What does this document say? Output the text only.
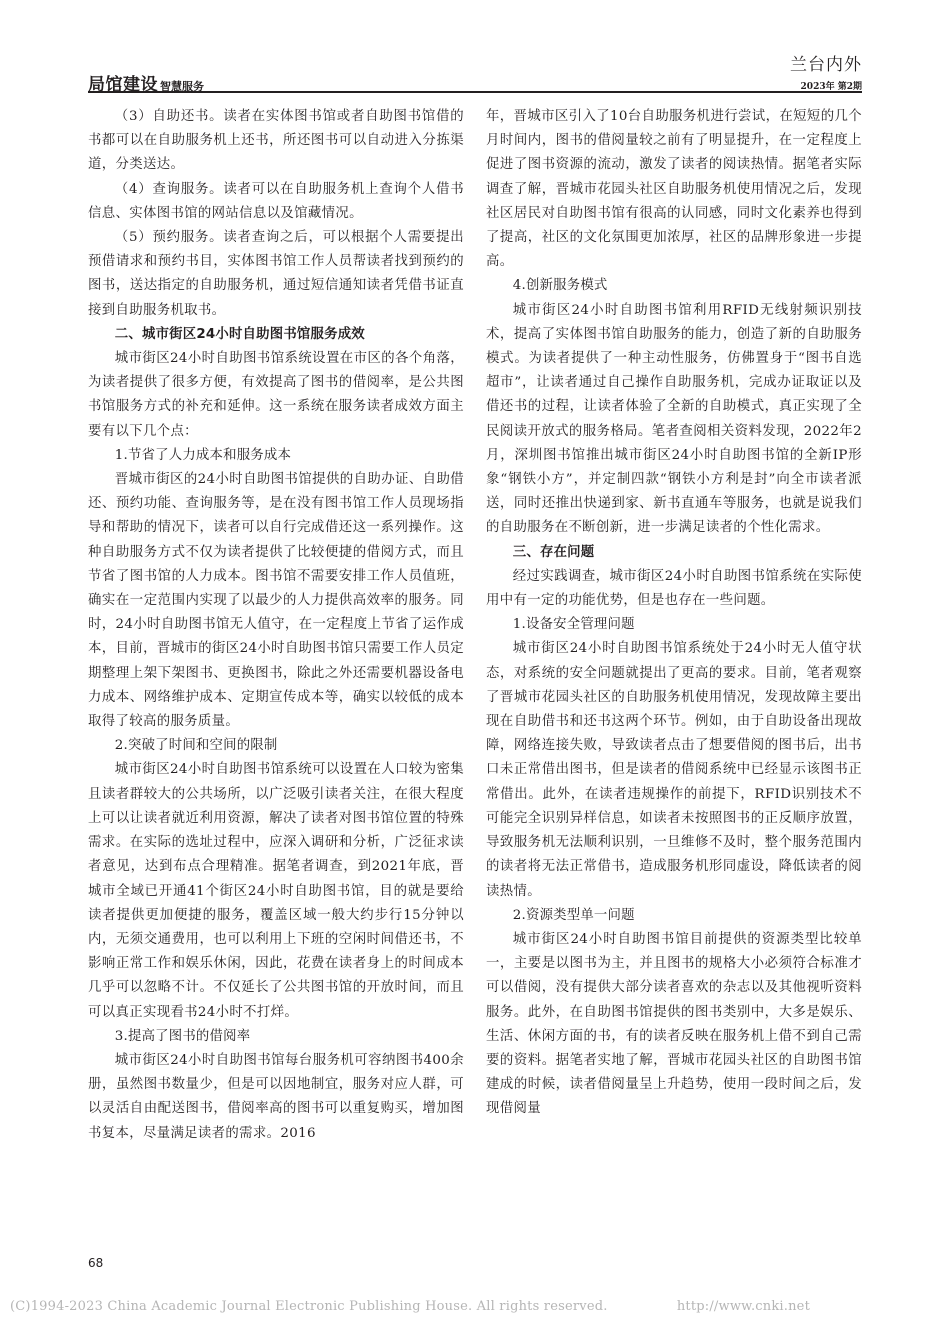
局馆建设 智慧服务
兰台内外
2023年 第2期

（3）自助还书。读者在实体图书馆或者自助图书馆借的书都可以在自助服务机上还书，所还图书可以自动进入分拣渠道，分类送达。

（4）查询服务。读者可以在自助服务机上查询个人借书信息、实体图书馆的网站信息以及馆藏情况。

（5）预约服务。读者查询之后，可以根据个人需要提出预借请求和预约书目，实体图书馆工作人员帮读者找到预约的图书，送达指定的自助服务机，通过短信通知读者凭借书证直接到自助服务机取书。

二、城市街区24小时自助图书馆服务成效

城市街区24小时自助图书馆系统设置在市区的各个角落，为读者提供了很多方便，有效提高了图书的借阅率，是公共图书馆服务方式的补充和延伸。这一系统在服务读者成效方面主要有以下几个点：

1.节省了人力成本和服务成本

晋城市街区的24小时自助图书馆提供的自助办证、自助借还、预约功能、查询服务等，是在没有图书馆工作人员现场指导和帮助的情况下，读者可以自行完成借还这一系列操作。这种自助服务方式不仅为读者提供了比较便捷的借阅方式，而且节省了图书馆的人力成本。图书馆不需要安排工作人员值班，确实在一定范围内实现了以最少的人力提供高效率的服务。同时，24小时自助图书馆无人值守，在一定程度上节省了运作成本，目前，晋城市的街区24小时自助图书馆只需要工作人员定期整理上架下架图书、更换图书，除此之外还需要机器设备电力成本、网络维护成本、定期宣传成本等，确实以较低的成本取得了较高的服务质量。

2.突破了时间和空间的限制

城市街区24小时自助图书馆系统可以设置在人口较为密集且读者群较大的公共场所，以广泛吸引读者关注，在很大程度上可以让读者就近利用资源，解决了读者对图书馆位置的特殊需求。在实际的选址过程中，应深入调研和分析，广泛征求读者意见，达到布点合理精准。据笔者调查，到2021年底，晋城市全域已开通41个街区24小时自助图书馆，目的就是要给读者提供更加便捷的服务，覆盖区域一般大约步行15分钟以内，无须交通费用，也可以利用上下班的空闲时间借还书，不影响正常工作和娱乐休闲，因此，花费在读者身上的时间成本几乎可以忽略不计。不仅延长了公共图书馆的开放时间，而且可以真正实现看书24小时不打烊。

3.提高了图书的借阅率

城市街区24小时自助图书馆每台服务机可容纳图书400余册，虽然图书数量少，但是可以因地制宜，服务对应人群，可以灵活自由配送图书，借阅率高的图书可以重复购买，增加图书复本，尽量满足读者的需求。2016

年，晋城市区引入了10台自助服务机进行尝试，在短短的几个月时间内，图书的借阅量较之前有了明显提升，在一定程度上促进了图书资源的流动，激发了读者的阅读热情。据笔者实际调查了解，晋城市花园头社区自助服务机使用情况之后，发现社区居民对自助图书馆有很高的认同感，同时文化素养也得到了提高，社区的文化氛围更加浓厚，社区的品牌形象进一步提高。

4.创新服务模式

城市街区24小时自助图书馆利用RFID无线射频识别技术，提高了实体图书馆自助服务的能力，创造了新的自助服务模式。为读者提供了一种主动性服务，仿佛置身于“图书自选超市”，让读者通过自己操作自助服务机，完成办证取证以及借还书的过程，让读者体验了全新的自助模式，真正实现了全民阅读开放式的服务格局。笔者查阅相关资料发现，2022年2月，深圳图书馆推出城市街区24小时自助图书馆的全新IP形象“钢铁小方”，并定制四款“钢铁小方利是封”向全市读者派送，同时还推出快递到家、新书直通车等服务，也就是说我们的自助服务在不断创新，进一步满足读者的个性化需求。

三、存在问题

经过实践调查，城市街区24小时自助图书馆系统在实际使用中有一定的功能优势，但是也存在一些问题。

1.设备安全管理问题

城市街区24小时自助图书馆系统处于24小时无人值守状态，对系统的安全问题就提出了更高的要求。目前，笔者观察了晋城市花园头社区的自助服务机使用情况，发现故障主要出现在自助借书和还书这两个环节。例如，由于自助设备出现故障，网络连接失败，导致读者点击了想要借阅的图书后，出书口未正常借出图书，但是读者的借阅系统中已经显示该图书正常借出。此外，在读者违规操作的前提下，RFID识别技术不可能完全识别异样信息，如读者未按照图书的正反顺序放置，导致服务机无法顺利识别，一旦维修不及时，整个服务范围内的读者将无法正常借书，造成服务机形同虚设，降低读者的阅读热情。

2.资源类型单一问题

城市街区24小时自助图书馆目前提供的资源类型比较单一，主要是以图书为主，并且图书的规格大小必须符合标准才可以借阅，没有提供大部分读者喜欢的杂志以及其他视听资料服务。此外，在自助图书馆提供的图书类别中，大多是娱乐、生活、休闲方面的书，有的读者反映在服务机上借不到自己需要的资料。据笔者实地了解，晋城市花园头社区的自助图书馆建成的时候，读者借阅量呈上升趋势，使用一段时间之后，发现借阅量

68
(C)1994-2023 China Academic Journal Electronic Publishing House. All rights reserved.	http://www.cnki.net
